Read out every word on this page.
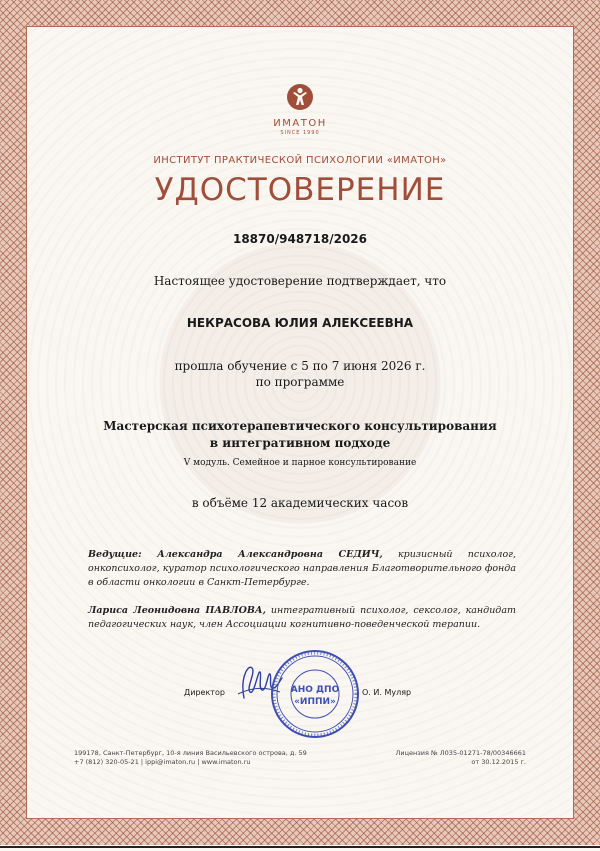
ИМАТОН
SINCE 1990
ИНСТИТУТ ПРАКТИЧЕСКОЙ ПСИХОЛОГИИ «ИМАТОН»
УДОСТОВЕРЕНИЕ
18870/948718/2026
Настоящее удостоверение подтверждает, что
НЕКРАСОВА ЮЛИЯ АЛЕКСЕЕВНА
прошла обучение с 5 по 7 июня 2026 г.
по программе
Мастерская психотерапевтического консультирования
в интегративном подходе
V модуль. Семейное и парное консультирование
в объёме 12 академических часов

Ведущие: Александра Александровна СЕДИЧ, кризисный психолог, онкопсихолог, куратор психологического направления Благотворительного фонда в области онкологии в Санкт-Петербурге.

Лариса Леонидовна ПАВЛОВА, интегративный психолог, сексолог, кандидат педагогических наук, член Ассоциации когнитивно-поведенческой терапии.

АНО ДПО
«ИППИ»
Директор	О. И. Муляр
199178, Санкт-Петербург, 10-я линия Васильевского острова, д. 59
+7 (812) 320-05-21 | ippi@imaton.ru | www.imaton.ru
Лицензия № Л035-01271-78/00346661
от 30.12.2015 г.
